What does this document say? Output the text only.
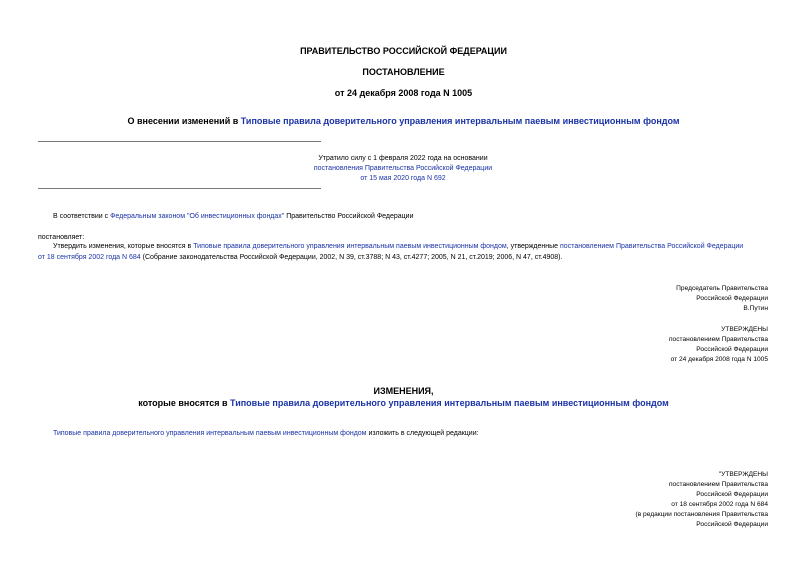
ПРАВИТЕЛЬСТВО РОССИЙСКОЙ ФЕДЕРАЦИИ
ПОСТАНОВЛЕНИЕ
от 24 декабря 2008 года N 1005
О внесении изменений в Типовые правила доверительного управления интервальным паевым инвестиционным фондом
Утратило силу с 1 февраля 2022 года на основании
постановления Правительства Российской Федерации
от 15 мая 2020 года N 692
В соответствии с Федеральным законом "Об инвестиционных фондах" Правительство Российской Федерации
постановляет:
Утвердить изменения, которые вносятся в Типовые правила доверительного управления интервальным паевым инвестиционным фондом, утвержденные постановлением Правительства Российской Федерации
от 18 сентября 2002 года N 684 (Собрание законодательства Российской Федерации, 2002, N 39, ст.3788; N 43, ст.4277; 2005, N 21, ст.2019; 2006, N 47, ст.4908).
Председатель Правительства
Российской Федерации
В.Путин
УТВЕРЖДЕНЫ
постановлением Правительства
Российской Федерации
от 24 декабря 2008 года N 1005
ИЗМЕНЕНИЯ,
которые вносятся в Типовые правила доверительного управления интервальным паевым инвестиционным фондом
Типовые правила доверительного управления интервальным паевым инвестиционным фондом изложить в следующей редакции:
"УТВЕРЖДЕНЫ
постановлением Правительства
Российской Федерации
от 18 сентября 2002 года N 684
(в редакции постановления Правительства
Российской Федерации
